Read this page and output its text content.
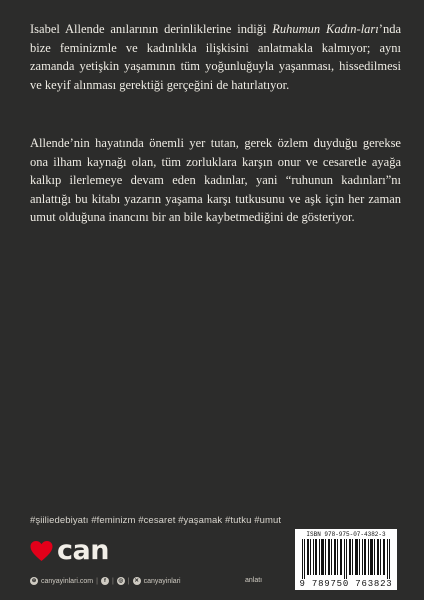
Isabel Allende anılarının derinliklerine indiği Ruhumun Kadın-ları’nda bize feminizmle ve kadınlıkla ilişkisini anlatmakla kalmıyor; aynı zamanda yetişkin yaşamının tüm yoğunluğuyla yaşanması, hissedilmesi ve keyif alınması gerektiği gerçeğini de hatırlatıyor.

Allende’nin hayatında önemli yer tutan, gerek özlem duyduğu gerekse ona ilham kaynağı olan, tüm zorluklara karşın onur ve cesaretle ayağa kalkıp ilerlemeye devam eden kadınlar, yani “ruhunun kadınları”nı anlattığı bu kitabı yazarın yaşama karşı tutkusunu ve aşk için her zaman umut olduğuna inancını bir an bile kaybetmediğini de gösteriyor.

#şiiliedebiyatı #feminizm #cesaret #yaşamak #tutku #umut
can
⊕ canyayinlari.com |	f | ◎ | ✕ canyayinlari	anlatı
ISBN 978-975-07-4382-3
9
789750
763823
